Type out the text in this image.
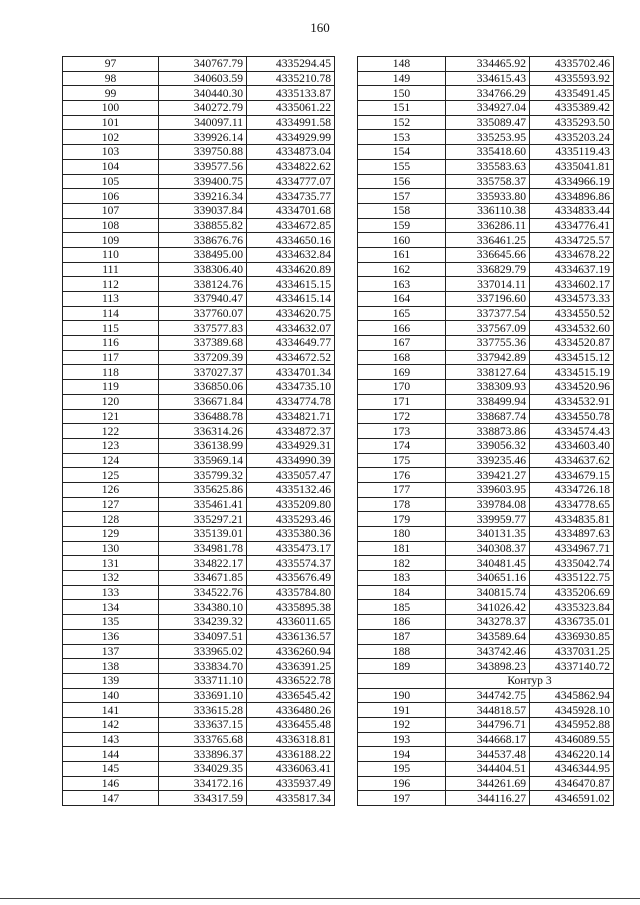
160
97	340767.79	4335294.45
98	340603.59	4335210.78
99	340440.30	4335133.87
100	340272.79	4335061.22
101	340097.11	4334991.58
102	339926.14	4334929.99
103	339750.88	4334873.04
104	339577.56	4334822.62
105	339400.75	4334777.07
106	339216.34	4334735.77
107	339037.84	4334701.68
108	338855.82	4334672.85
109	338676.76	4334650.16
110	338495.00	4334632.84
111	338306.40	4334620.89
112	338124.76	4334615.15
113	337940.47	4334615.14
114	337760.07	4334620.75
115	337577.83	4334632.07
116	337389.68	4334649.77
117	337209.39	4334672.52
118	337027.37	4334701.34
119	336850.06	4334735.10
120	336671.84	4334774.78
121	336488.78	4334821.71
122	336314.26	4334872.37
123	336138.99	4334929.31
124	335969.14	4334990.39
125	335799.32	4335057.47
126	335625.86	4335132.46
127	335461.41	4335209.80
128	335297.21	4335293.46
129	335139.01	4335380.36
130	334981.78	4335473.17
131	334822.17	4335574.37
132	334671.85	4335676.49
133	334522.76	4335784.80
134	334380.10	4335895.38
135	334239.32	4336011.65
136	334097.51	4336136.57
137	333965.02	4336260.94
138	333834.70	4336391.25
139	333711.10	4336522.78
140	333691.10	4336545.42
141	333615.28	4336480.26
142	333637.15	4336455.48
143	333765.68	4336318.81
144	333896.37	4336188.22
145	334029.35	4336063.41
146	334172.16	4335937.49
147	334317.59	4335817.34
148	334465.92	4335702.46
149	334615.43	4335593.92
150	334766.29	4335491.45
151	334927.04	4335389.42
152	335089.47	4335293.50
153	335253.95	4335203.24
154	335418.60	4335119.43
155	335583.63	4335041.81
156	335758.37	4334966.19
157	335933.80	4334896.86
158	336110.38	4334833.44
159	336286.11	4334776.41
160	336461.25	4334725.57
161	336645.66	4334678.22
162	336829.79	4334637.19
163	337014.11	4334602.17
164	337196.60	4334573.33
165	337377.54	4334550.52
166	337567.09	4334532.60
167	337755.36	4334520.87
168	337942.89	4334515.12
169	338127.64	4334515.19
170	338309.93	4334520.96
171	338499.94	4334532.91
172	338687.74	4334550.78
173	338873.86	4334574.43
174	339056.32	4334603.40
175	339235.46	4334637.62
176	339421.27	4334679.15
177	339603.95	4334726.18
178	339784.08	4334778.65
179	339959.77	4334835.81
180	340131.35	4334897.63
181	340308.37	4334967.71
182	340481.45	4335042.74
183	340651.16	4335122.75
184	340815.74	4335206.69
185	341026.42	4335323.84
186	343278.37	4336735.01
187	343589.64	4336930.85
188	343742.46	4337031.25
189	343898.23	4337140.72
	Контур 3	
190	344742.75	4345862.94
191	344818.57	4345928.10
192	344796.71	4345952.88
193	344668.17	4346089.55
194	344537.48	4346220.14
195	344404.51	4346344.95
196	344261.69	4346470.87
197	344116.27	4346591.02
